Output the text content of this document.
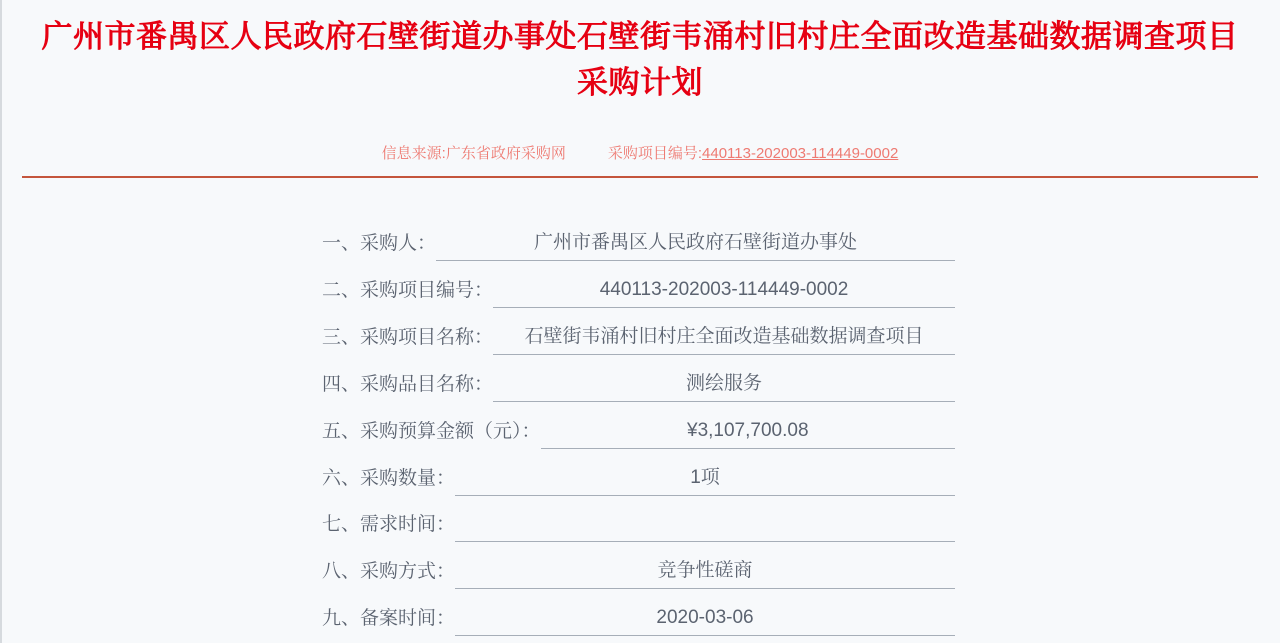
广州市番禺区人民政府石壁街道办事处石壁街韦涌村旧村庄全面改造基础数据调查项目采购计划
信息来源:广东省政府采购网	采购项目编号:440113-202003-114449-0002
一、采购人：	广州市番禺区人民政府石壁街道办事处
二、采购项目编号：	440113-202003-114449-0002
三、采购项目名称：	石壁街韦涌村旧村庄全面改造基础数据调查项目
四、采购品目名称：	测绘服务
五、采购预算金额（元）：	¥3,107,700.08
六、采购数量：	1项
七、需求时间：
八、采购方式：	竞争性磋商
九、备案时间：	2020-03-06
